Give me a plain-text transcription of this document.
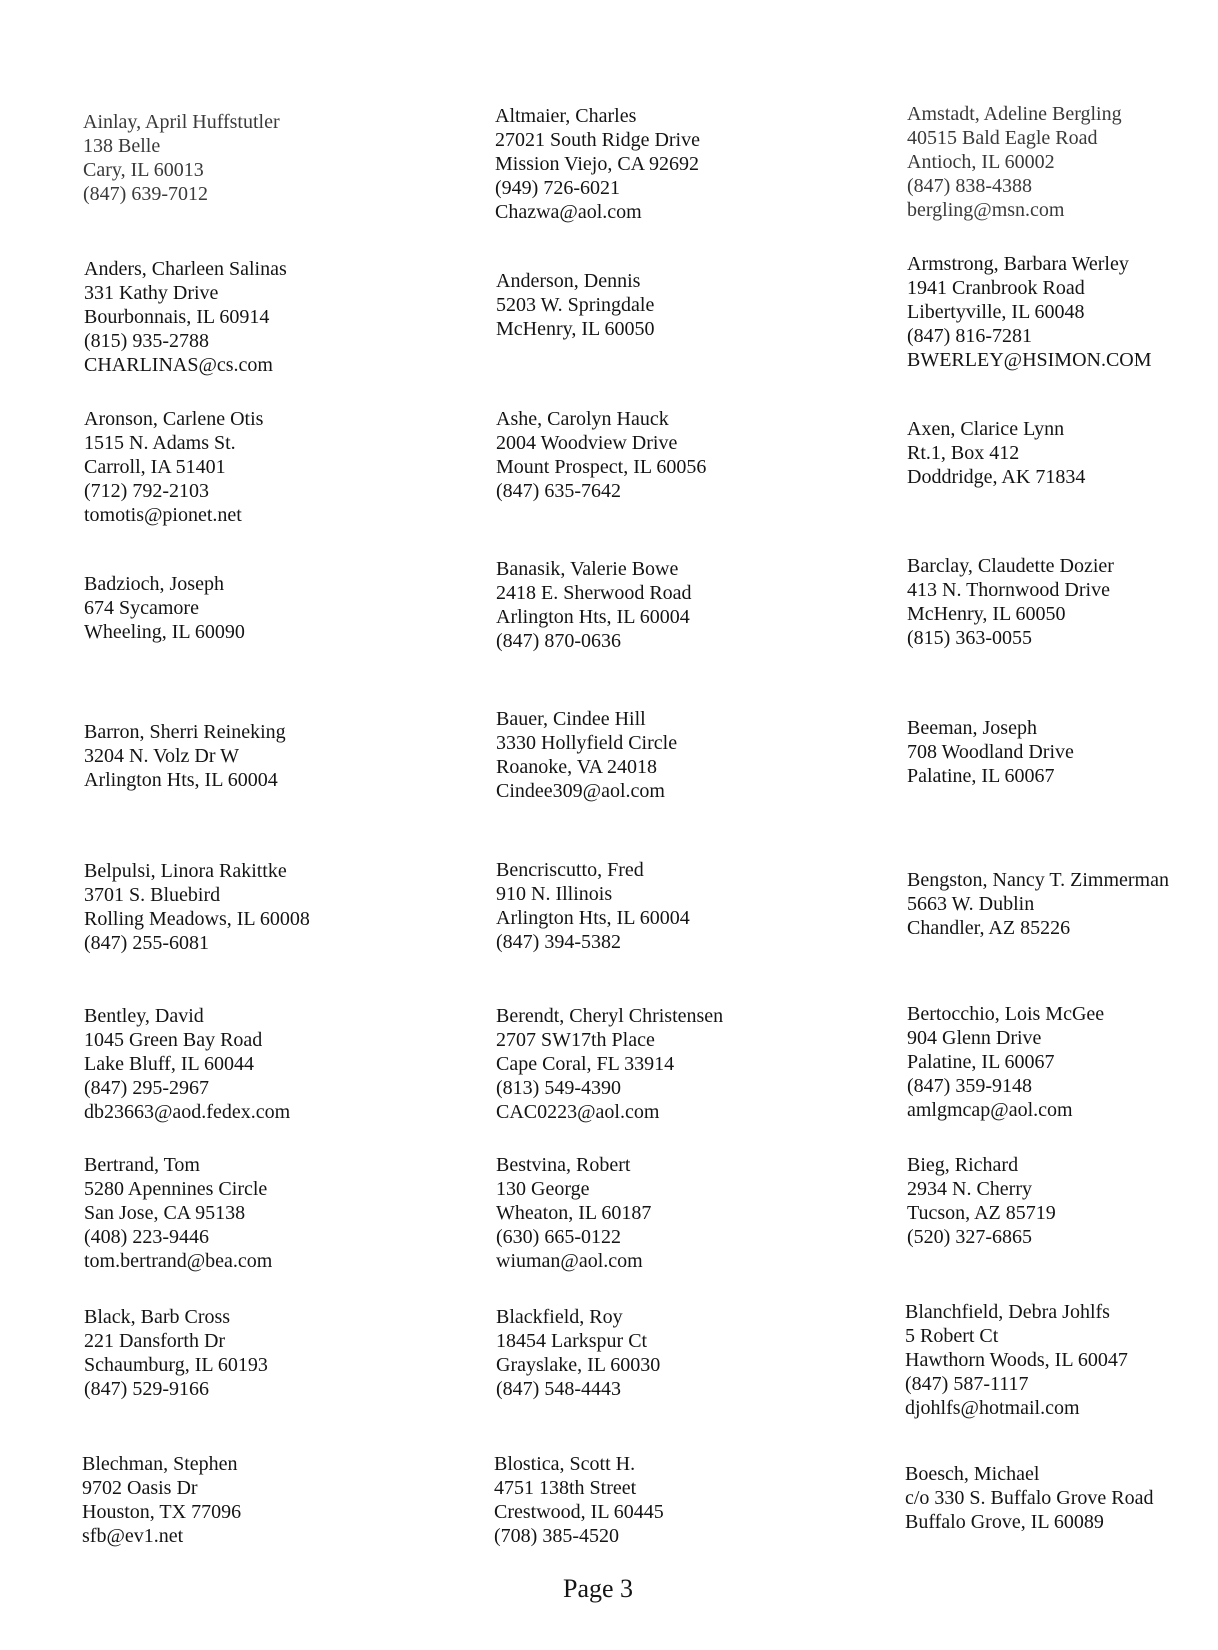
Ainlay, April Huffstutler
138 Belle
Cary, IL 60013
(847) 639-7012
Altmaier, Charles
27021 South Ridge Drive
Mission Viejo, CA 92692
(949) 726-6021
Chazwa@aol.com
Amstadt, Adeline Bergling
40515 Bald Eagle Road
Antioch, IL 60002
(847) 838-4388
bergling@msn.com
Anders, Charleen Salinas
331 Kathy Drive
Bourbonnais, IL 60914
(815) 935-2788
CHARLINAS@cs.com
Anderson, Dennis
5203 W. Springdale
McHenry, IL 60050
Armstrong, Barbara Werley
1941 Cranbrook Road
Libertyville, IL 60048
(847) 816-7281
BWERLEY@HSIMON.COM
Aronson, Carlene Otis
1515 N. Adams St.
Carroll, IA 51401
(712) 792-2103
tomotis@pionet.net
Ashe, Carolyn Hauck
2004 Woodview Drive
Mount Prospect, IL 60056
(847) 635-7642
Axen, Clarice Lynn
Rt.1, Box 412
Doddridge, AK 71834
Badzioch, Joseph
674 Sycamore
Wheeling, IL 60090
Banasik, Valerie Bowe
2418 E. Sherwood Road
Arlington Hts, IL 60004
(847) 870-0636
Barclay, Claudette Dozier
413 N. Thornwood Drive
McHenry, IL 60050
(815) 363-0055
Barron, Sherri Reineking
3204 N. Volz Dr W
Arlington Hts, IL 60004
Bauer, Cindee Hill
3330 Hollyfield Circle
Roanoke, VA 24018
Cindee309@aol.com
Beeman, Joseph
708 Woodland Drive
Palatine, IL 60067
Belpulsi, Linora Rakittke
3701 S. Bluebird
Rolling Meadows, IL 60008
(847) 255-6081
Bencriscutto, Fred
910 N. Illinois
Arlington Hts, IL 60004
(847) 394-5382
Bengston, Nancy T. Zimmerman
5663 W. Dublin
Chandler, AZ 85226
Bentley, David
1045 Green Bay Road
Lake Bluff, IL 60044
(847) 295-2967
db23663@aod.fedex.com
Berendt, Cheryl Christensen
2707 SW17th Place
Cape Coral, FL 33914
(813) 549-4390
CAC0223@aol.com
Bertocchio, Lois McGee
904 Glenn Drive
Palatine, IL 60067
(847) 359-9148
amlgmcap@aol.com
Bertrand, Tom
5280 Apennines Circle
San Jose, CA 95138
(408) 223-9446
tom.bertrand@bea.com
Bestvina, Robert
130 George
Wheaton, IL 60187
(630) 665-0122
wiuman@aol.com
Bieg, Richard
2934 N. Cherry
Tucson, AZ 85719
(520) 327-6865
Black, Barb Cross
221 Dansforth Dr
Schaumburg, IL 60193
(847) 529-9166
Blackfield, Roy
18454 Larkspur Ct
Grayslake, IL 60030
(847) 548-4443
Blanchfield, Debra Johlfs
5 Robert Ct
Hawthorn Woods, IL 60047
(847) 587-1117
djohlfs@hotmail.com
Blechman, Stephen
9702 Oasis Dr
Houston, TX 77096
sfb@ev1.net
Blostica, Scott H.
4751 138th Street
Crestwood, IL 60445
(708) 385-4520
Boesch, Michael
c/o 330 S. Buffalo Grove Road
Buffalo Grove, IL 60089
Page 3
